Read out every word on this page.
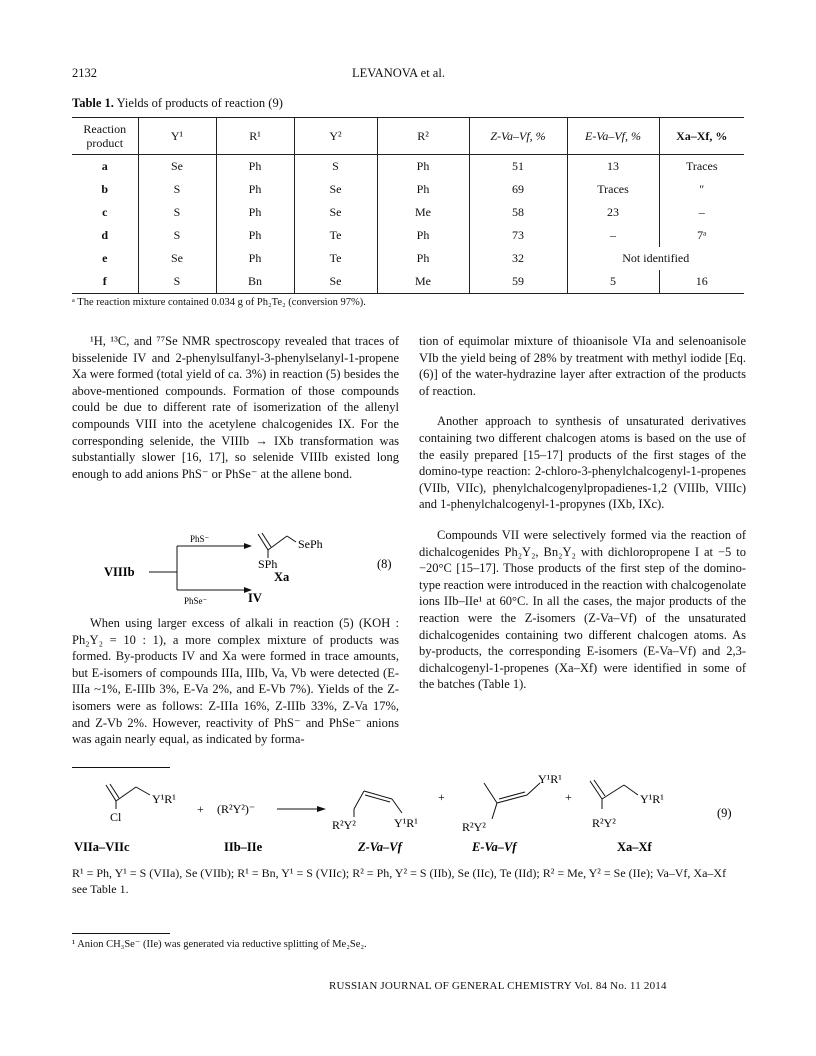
2132	LEVANOVA et al.
Table 1. Yields of products of reaction (9)
Reaction product	Y¹	R¹	Y²	R²	Z-Va–Vf, %	E-Va–Vf, %	Xa–Xf, %
a	Se	Ph	S	Ph	51	13	Traces
b	S	Ph	Se	Ph	69	Traces	″
c	S	Ph	Se	Me	58	23	–
d	S	Ph	Te	Ph	73	–	7ᵃ
e	Se	Ph	Te	Ph	32	Not identified	
f	S	Bn	Se	Me	59	5	16
ᵃ The reaction mixture contained 0.034 g of Ph₂Te₂ (conversion 97%).

¹H, ¹³C, and ⁷⁷Se NMR spectroscopy revealed that traces of bisselenide IV and 2-phenylsulfanyl-3-phenylselanyl-1-propene Xa were formed (total yield of ca. 3%) in reaction (5) besides the above-mentioned compounds. Formation of those compounds could be due to different rate of isomerization of the allenyl compounds VIII into the acetylene chalcogenides IX. For the corresponding selenide, the VIIIb → IXb transformation was substantially slower [16, 17], so selenide VIIIb existed long enough to add anions PhS⁻ or PhSe⁻ at the allene bond.

VIIIb
PhS⁻
PhSe⁻
SePh
SPh
Xa
IV
(8)

When using larger excess of alkali in reaction (5) (KOH : Ph₂Y₂ = 10 : 1), a more complex mixture of products was formed. By-products IV and Xa were formed in trace amounts, but E-isomers of compounds IIIa, IIIb, Va, Vb were detected (E-IIIa ~1%, E-IIIb 3%, E-Va 2%, and E-Vb 7%). Yields of the Z-isomers were as follows: Z-IIIa 16%, Z-IIIb 33%, Z-Va 17%, and Z-Vb 2%. However, reactivity of PhS⁻ and PhSe⁻ anions was again nearly equal, as indicated by forma-

tion of equimolar mixture of thioanisole VIa and selenoanisole VIb the yield being of 28% by treatment with methyl iodide [Eq. (6)] of the water-hydrazine layer after extraction of the products of reaction.

Another approach to synthesis of unsaturated derivatives containing two different chalcogen atoms is based on the use of the easily prepared [15–17] products of the first stages of the domino-type reaction: 2-chloro-3-phenylchalcogenyl-1-propenes (VIIb, VIIc), phenylchalcogenylpropadienes-1,2 (VIIIb, VIIIc) and 1-phenylchalcogenyl-1-propynes (IXb, IXc).

Compounds VII were selectively formed via the reaction of dichalcogenides Ph₂Y₂, Bn₂Y₂ with dichloropropene I at −5 to −20°C [15–17]. Those products of the first step of the domino-type reaction were introduced in the reaction with chalcogenolate ions IIb–IIe¹ at 60°C. In all the cases, the major products of the reaction were the Z-isomers (Z-Va–Vf) of the unsaturated dichalcogenides containing two different chalcogen atoms. As by-products, the corresponding E-isomers (E-Va–Vf) and 2,3-dichalcogenyl-1-propenes (Xa–Xf) were identified in some of the batches (Table 1).

Y¹R¹
Cl
+ (R²Y²)⁻
R²Y²	Y¹R¹
+
Y¹R¹
R²Y²
+	Y¹R¹
R²Y²
(9)
VIIa–VIIc	IIb–IIe	Z-Va–Vf	E-Va–Vf	Xa–Xf
R¹ = Ph, Y¹ = S (VIIa), Se (VIIb); R¹ = Bn, Y¹ = S (VIIc); R² = Ph, Y² = S (IIb), Se (IIc), Te (IId); R² = Me, Y² = Se (IIe); Va–Vf, Xa–Xf see Table 1.
¹ Anion CH₃Se⁻ (IIe) was generated via reductive splitting of Me₂Se₂.
RUSSIAN JOURNAL OF GENERAL CHEMISTRY Vol. 84 No. 11 2014
